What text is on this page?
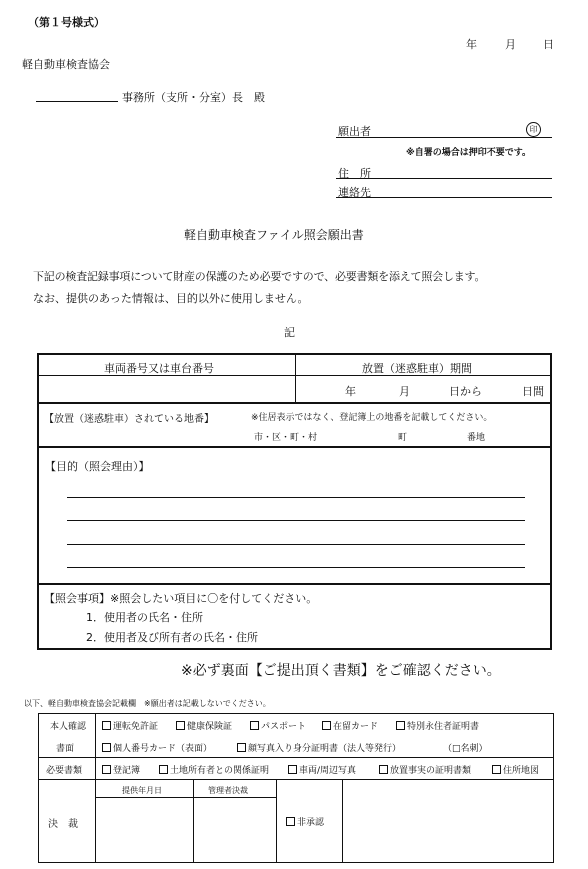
（第１号様式）
年	月 日
軽自動車検査協会
事務所（支所・分室）長　殿
願出者	印
※自署の場合は押印不要です。
住　所
連絡先
軽自動車検査ファイル照会願出書
下記の検査記録事項について財産の保護のため必要ですので、必要書類を添えて照会します。
なお、提供のあった情報は、目的以外に使用しません。
記
車両番号又は車台番号	放置（迷惑駐車）期間
年	月	日から	日間
【放置（迷惑駐車）されている地番】	※住居表示ではなく、登記簿上の地番を記載してください。
市・区・町・村	町	番地
【目的（照会理由）】
【照会事項】※照会したい項目に〇を付してください。
1．使用者の氏名・住所
2．使用者及び所有者の氏名・住所
※必ず裏面【ご提出頂く書類】をご確認ください。
以下、軽自動車検査協会記載欄　※願出者は記載しないでください。
本人確認
書面
運転免許証	健康保険証	パスポート	在留カード	特別永住者証明書
個人番号カード（表面）	顔写真入り身分証明書（法人等発行）	（□名刺）
必要書類	登記簿	土地所有者との関係証明	車両/周辺写真	放置事実の証明書類	住所地図
決　裁
提供年月日	管理者決裁
非承認
